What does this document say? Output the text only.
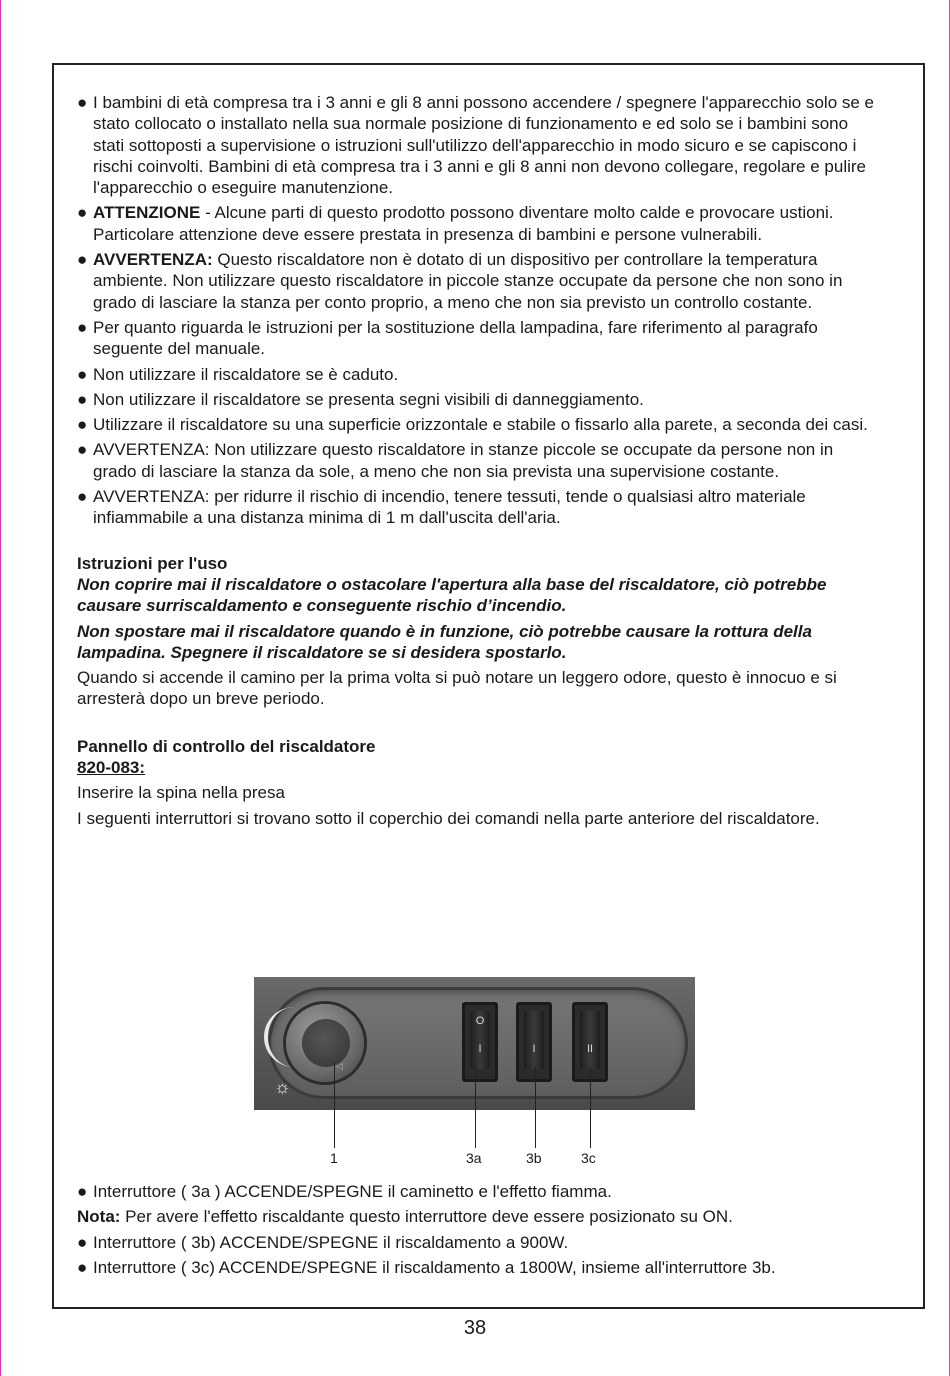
● I bambini di età compresa tra i 3 anni e gli 8 anni possono accendere / spegnere l'apparecchio solo se e stato collocato o installato nella sua normale posizione di funzionamento e ed solo se i bambini sono stati sottoposti a supervisione o istruzioni sull'utilizzo dell'apparecchio in modo sicuro e se capiscono i rischi coinvolti. Bambini di età compresa tra i 3 anni e gli 8 anni non devono collegare, regolare e pulire l'apparecchio o eseguire manutenzione.

● ATTENZIONE - Alcune parti di questo prodotto possono diventare molto calde e provocare ustioni. Particolare attenzione deve essere prestata in presenza di bambini e persone vulnerabili.

● AVVERTENZA: Questo riscaldatore non è dotato di un dispositivo per controllare la temperatura ambiente. Non utilizzare questo riscaldatore in piccole stanze occupate da persone che non sono in grado di lasciare la stanza per conto proprio, a meno che non sia previsto un controllo costante.

● Per quanto riguarda le istruzioni per la sostituzione della lampadina, fare riferimento al paragrafo seguente del manuale.

● Non utilizzare il riscaldatore se è caduto.

● Non utilizzare il riscaldatore se presenta segni visibili di danneggiamento.

● Utilizzare il riscaldatore su una superficie orizzontale e stabile o fissarlo alla parete, a seconda dei casi.

● AVVERTENZA: Non utilizzare questo riscaldatore in stanze piccole se occupate da persone non in grado di lasciare la stanza da sole, a meno che non sia prevista una supervisione costante.

● AVVERTENZA: per ridurre il rischio di incendio, tenere tessuti, tende o qualsiasi altro materiale infiammabile a una distanza minima di 1 m dall'uscita dell'aria.

Istruzioni per l'uso

Non coprire mai il riscaldatore o ostacolare l'apertura alla base del riscaldatore, ciò potrebbe causare surriscaldamento e conseguente rischio d’incendio.

Non spostare mai il riscaldatore quando è in funzione, ciò potrebbe causare la rottura della lampadina. Spegnere il riscaldatore se si desidera spostarlo.

Quando si accende il camino per la prima volta si può notare un leggero odore, questo è innocuo e si arresterà dopo un breve periodo.

Pannello di controllo del riscaldatore

820-083:

Inserire la spina nella presa

I seguenti interruttori si trovano sotto il coperchio dei comandi nella parte anteriore del riscaldatore.

☼
◁
O
I	I	II
1	3a	3b	3c

● Interruttore ( 3a ) ACCENDE/SPEGNE il caminetto e l'effetto fiamma.

Nota: Per avere l'effetto riscaldante questo interruttore deve essere posizionato su ON.

● Interruttore ( 3b) ACCENDE/SPEGNE il riscaldamento a 900W.

● Interruttore ( 3c) ACCENDE/SPEGNE il riscaldamento a 1800W, insieme all'interruttore 3b.

38
